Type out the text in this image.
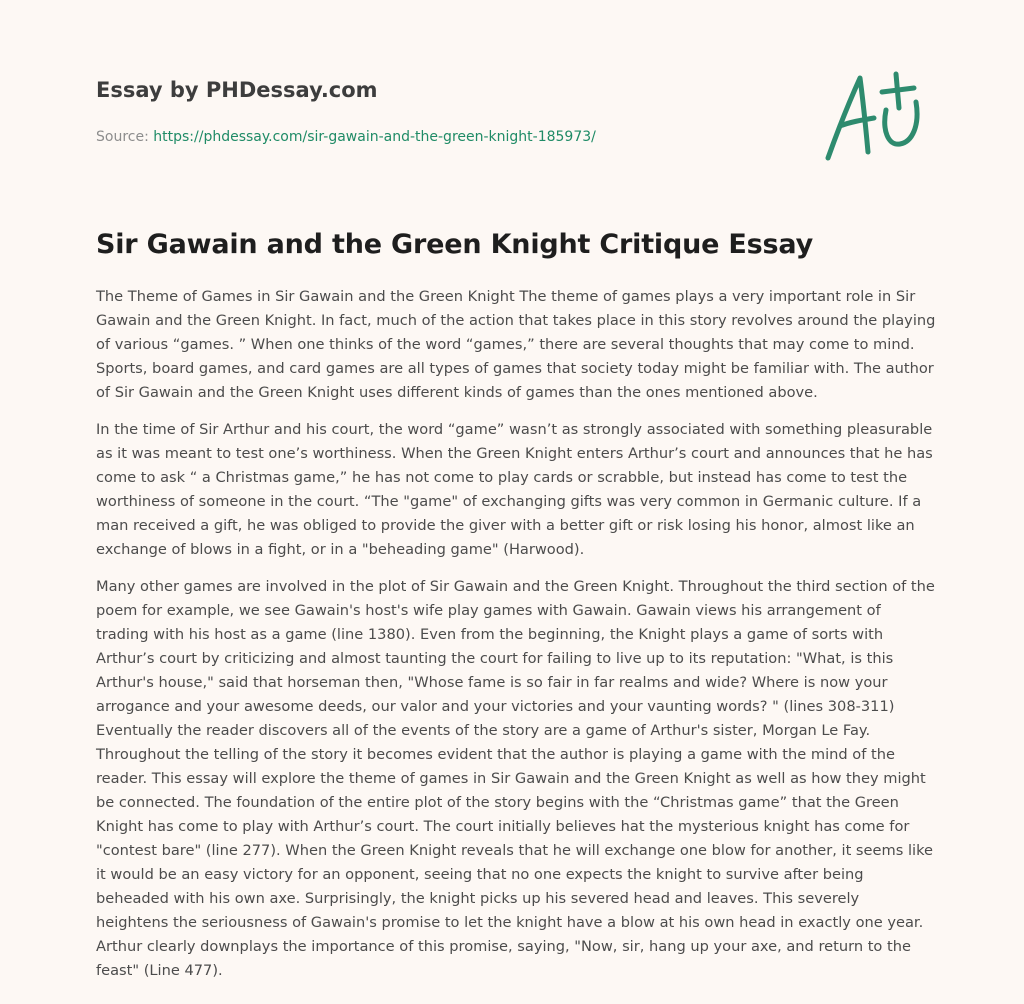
Essay by PHDessay.com
Source: https://phdessay.com/sir-gawain-and-the-green-knight-185973/
Sir Gawain and the Green Knight Critique Essay

The Theme of Games in Sir Gawain and the Green Knight The theme of games plays a very important role in Sir Gawain and the Green Knight. In fact, much of the action that takes place in this story revolves around the playing of various “games. ” When one thinks of the word “games,” there are several thoughts that may come to mind. Sports, board games, and card games are all types of games that society today might be familiar with. The author of Sir Gawain and the Green Knight uses different kinds of games than the ones mentioned above.

In the time of Sir Arthur and his court, the word “game” wasn’t as strongly associated with something pleasurable as it was meant to test one’s worthiness. When the Green Knight enters Arthur’s court and announces that he has come to ask “ a Christmas game,” he has not come to play cards or scrabble, but instead has come to test the worthiness of someone in the court. “The "game" of exchanging gifts was very common in Germanic culture. If a man received a gift, he was obliged to provide the giver with a better gift or risk losing his honor, almost like an exchange of blows in a fight, or in a "beheading game" (Harwood).

Many other games are involved in the plot of Sir Gawain and the Green Knight. Throughout the third section of the poem for example, we see Gawain's host's wife play games with Gawain. Gawain views his arrangement of trading with his host as a game (line 1380). Even from the beginning, the Knight plays a game of sorts with Arthur’s court by criticizing and almost taunting the court for failing to live up to its reputation: "What, is this Arthur's house," said that horseman then, "Whose fame is so fair in far realms and wide? Where is now your arrogance and your awesome deeds, our valor and your victories and your vaunting words? " (lines 308-311) Eventually the reader discovers all of the events of the story are a game of Arthur's sister, Morgan Le Fay. Throughout the telling of the story it becomes evident that the author is playing a game with the mind of the reader. This essay will explore the theme of games in Sir Gawain and the Green Knight as well as how they might be connected. The foundation of the entire plot of the story begins with the “Christmas game” that the Green Knight has come to play with Arthur’s court. The court initially believes hat the mysterious knight has come for "contest bare" (line 277). When the Green Knight reveals that he will exchange one blow for another, it seems like it would be an easy victory for an opponent, seeing that no one expects the knight to survive after being beheaded with his own axe. Surprisingly, the knight picks up his severed head and leaves. This severely heightens the seriousness of Gawain's promise to let the knight have a blow at his own head in exactly one year. Arthur clearly downplays the importance of this promise, saying, "Now, sir, hang up your axe, and return to the feast" (Line 477).
